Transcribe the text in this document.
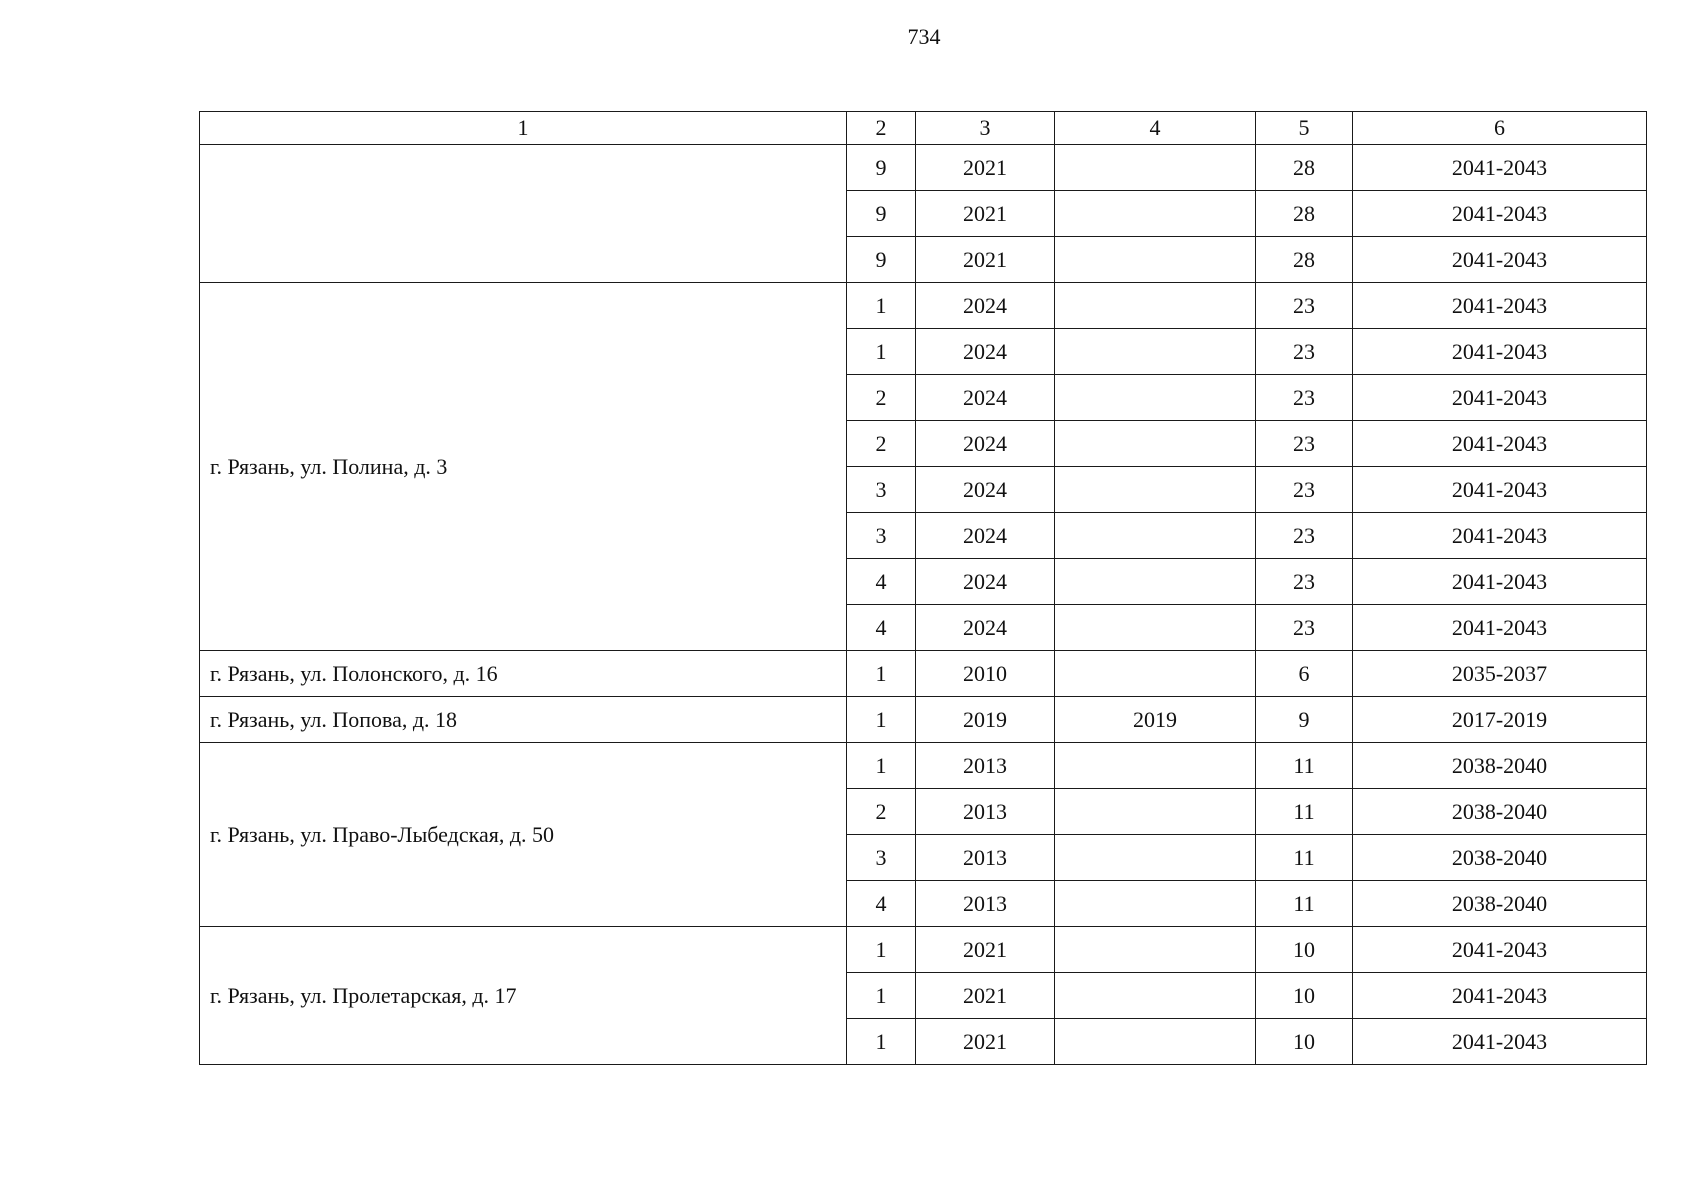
734
1	2	3	4	5	6
	9	2021		28	2041-2043
	9	2021		28	2041-2043
	9	2021		28	2041-2043
г. Рязань, ул. Полина, д. 3	1	2024		23	2041-2043
	1	2024		23	2041-2043
	2	2024		23	2041-2043
	2	2024		23	2041-2043
	3	2024		23	2041-2043
	3	2024		23	2041-2043
	4	2024		23	2041-2043
	4	2024		23	2041-2043
г. Рязань, ул. Полонского, д. 16	1	2010		6	2035-2037
г. Рязань, ул. Попова, д. 18	1	2019	2019	9	2017-2019
г. Рязань, ул. Право-Лыбедская, д. 50	1	2013		11	2038-2040
	2	2013		11	2038-2040
	3	2013		11	2038-2040
	4	2013		11	2038-2040
г. Рязань, ул. Пролетарская, д. 17	1	2021		10	2041-2043
	1	2021		10	2041-2043
	1	2021		10	2041-2043
